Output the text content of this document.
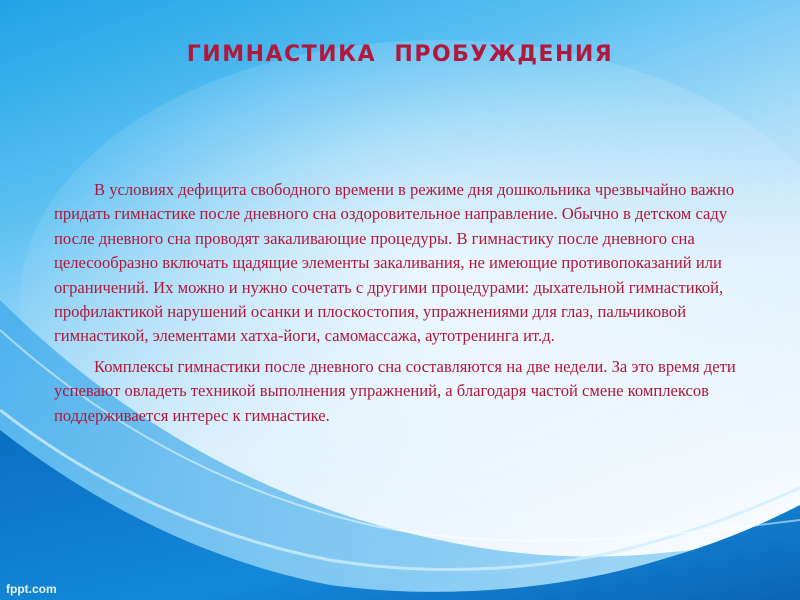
ГИМНАСТИКА  ПРОБУЖДЕНИЯ

В условиях дефицита свободного времени в режиме дня дошкольника чрезвычайно важно придать гимнастике после дневного сна оздоровительное направление. Обычно в детском саду после дневного сна проводят закаливающие процедуры. В гимнастику после дневного сна целесообразно включать щадящие элементы закаливания, не имеющие противопоказаний или ограничений. Их можно и нужно сочетать с другими процедурами: дыхательной гимнастикой, профилактикой нарушений осанки и плоскостопия, упражнениями для глаз, пальчиковой гимнастикой, элементами хатха-йоги, самомассажа, аутотренинга ит.д.

Комплексы гимнастики после дневного сна составляются на две недели. За это время дети успевают овладеть техникой выполнения упражнений, а благодаря частой смене комплексов поддерживается интерес к гимнастике.

fppt.com
